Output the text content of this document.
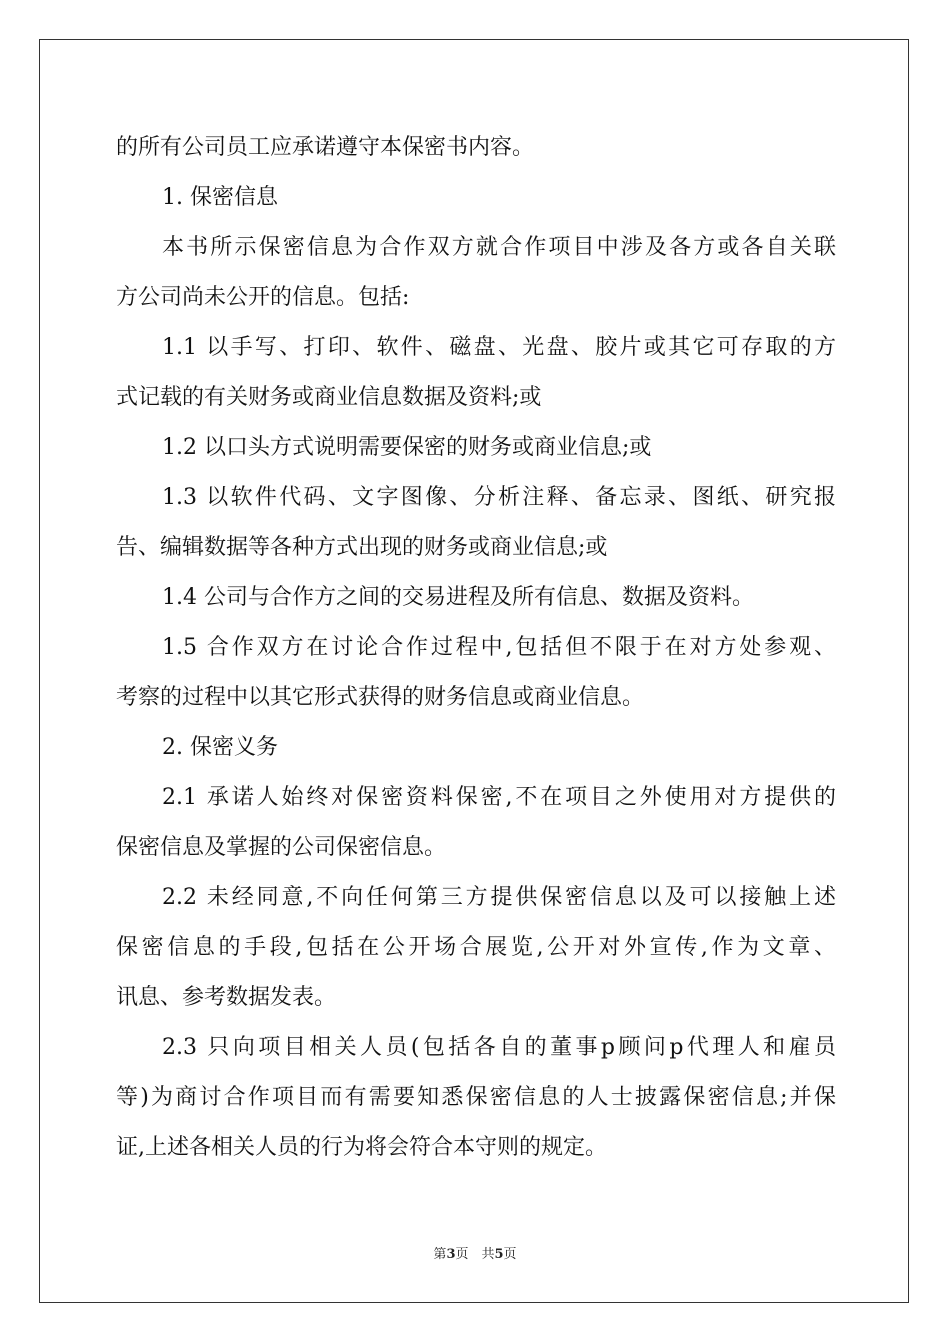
的所有公司员工应承诺遵守本保密书内容。
1. 保密信息
本书所示保密信息为合作双方就合作项目中涉及各方或各自关联
方公司尚未公开的信息。包括:
1.1 以手写、打印、软件、磁盘、光盘、胶片或其它可存取的方
式记载的有关财务或商业信息数据及资料;或
1.2 以口头方式说明需要保密的财务或商业信息;或
1.3 以软件代码、文字图像、分析注释、备忘录、图纸、研究报
告、编辑数据等各种方式出现的财务或商业信息;或
1.4 公司与合作方之间的交易进程及所有信息、数据及资料。
1.5 合作双方在讨论合作过程中,包括但不限于在对方处参观、
考察的过程中以其它形式获得的财务信息或商业信息。
2. 保密义务
2.1 承诺人始终对保密资料保密,不在项目之外使用对方提供的
保密信息及掌握的公司保密信息。
2.2 未经同意,不向任何第三方提供保密信息以及可以接触上述
保密信息的手段,包括在公开场合展览,公开对外宣传,作为文章、
讯息、参考数据发表。
2.3 只向项目相关人员(包括各自的董事p顾问p代理人和雇员
等)为商讨合作项目而有需要知悉保密信息的人士披露保密信息;并保
证,上述各相关人员的行为将会符合本守则的规定。
第3页　共5页
